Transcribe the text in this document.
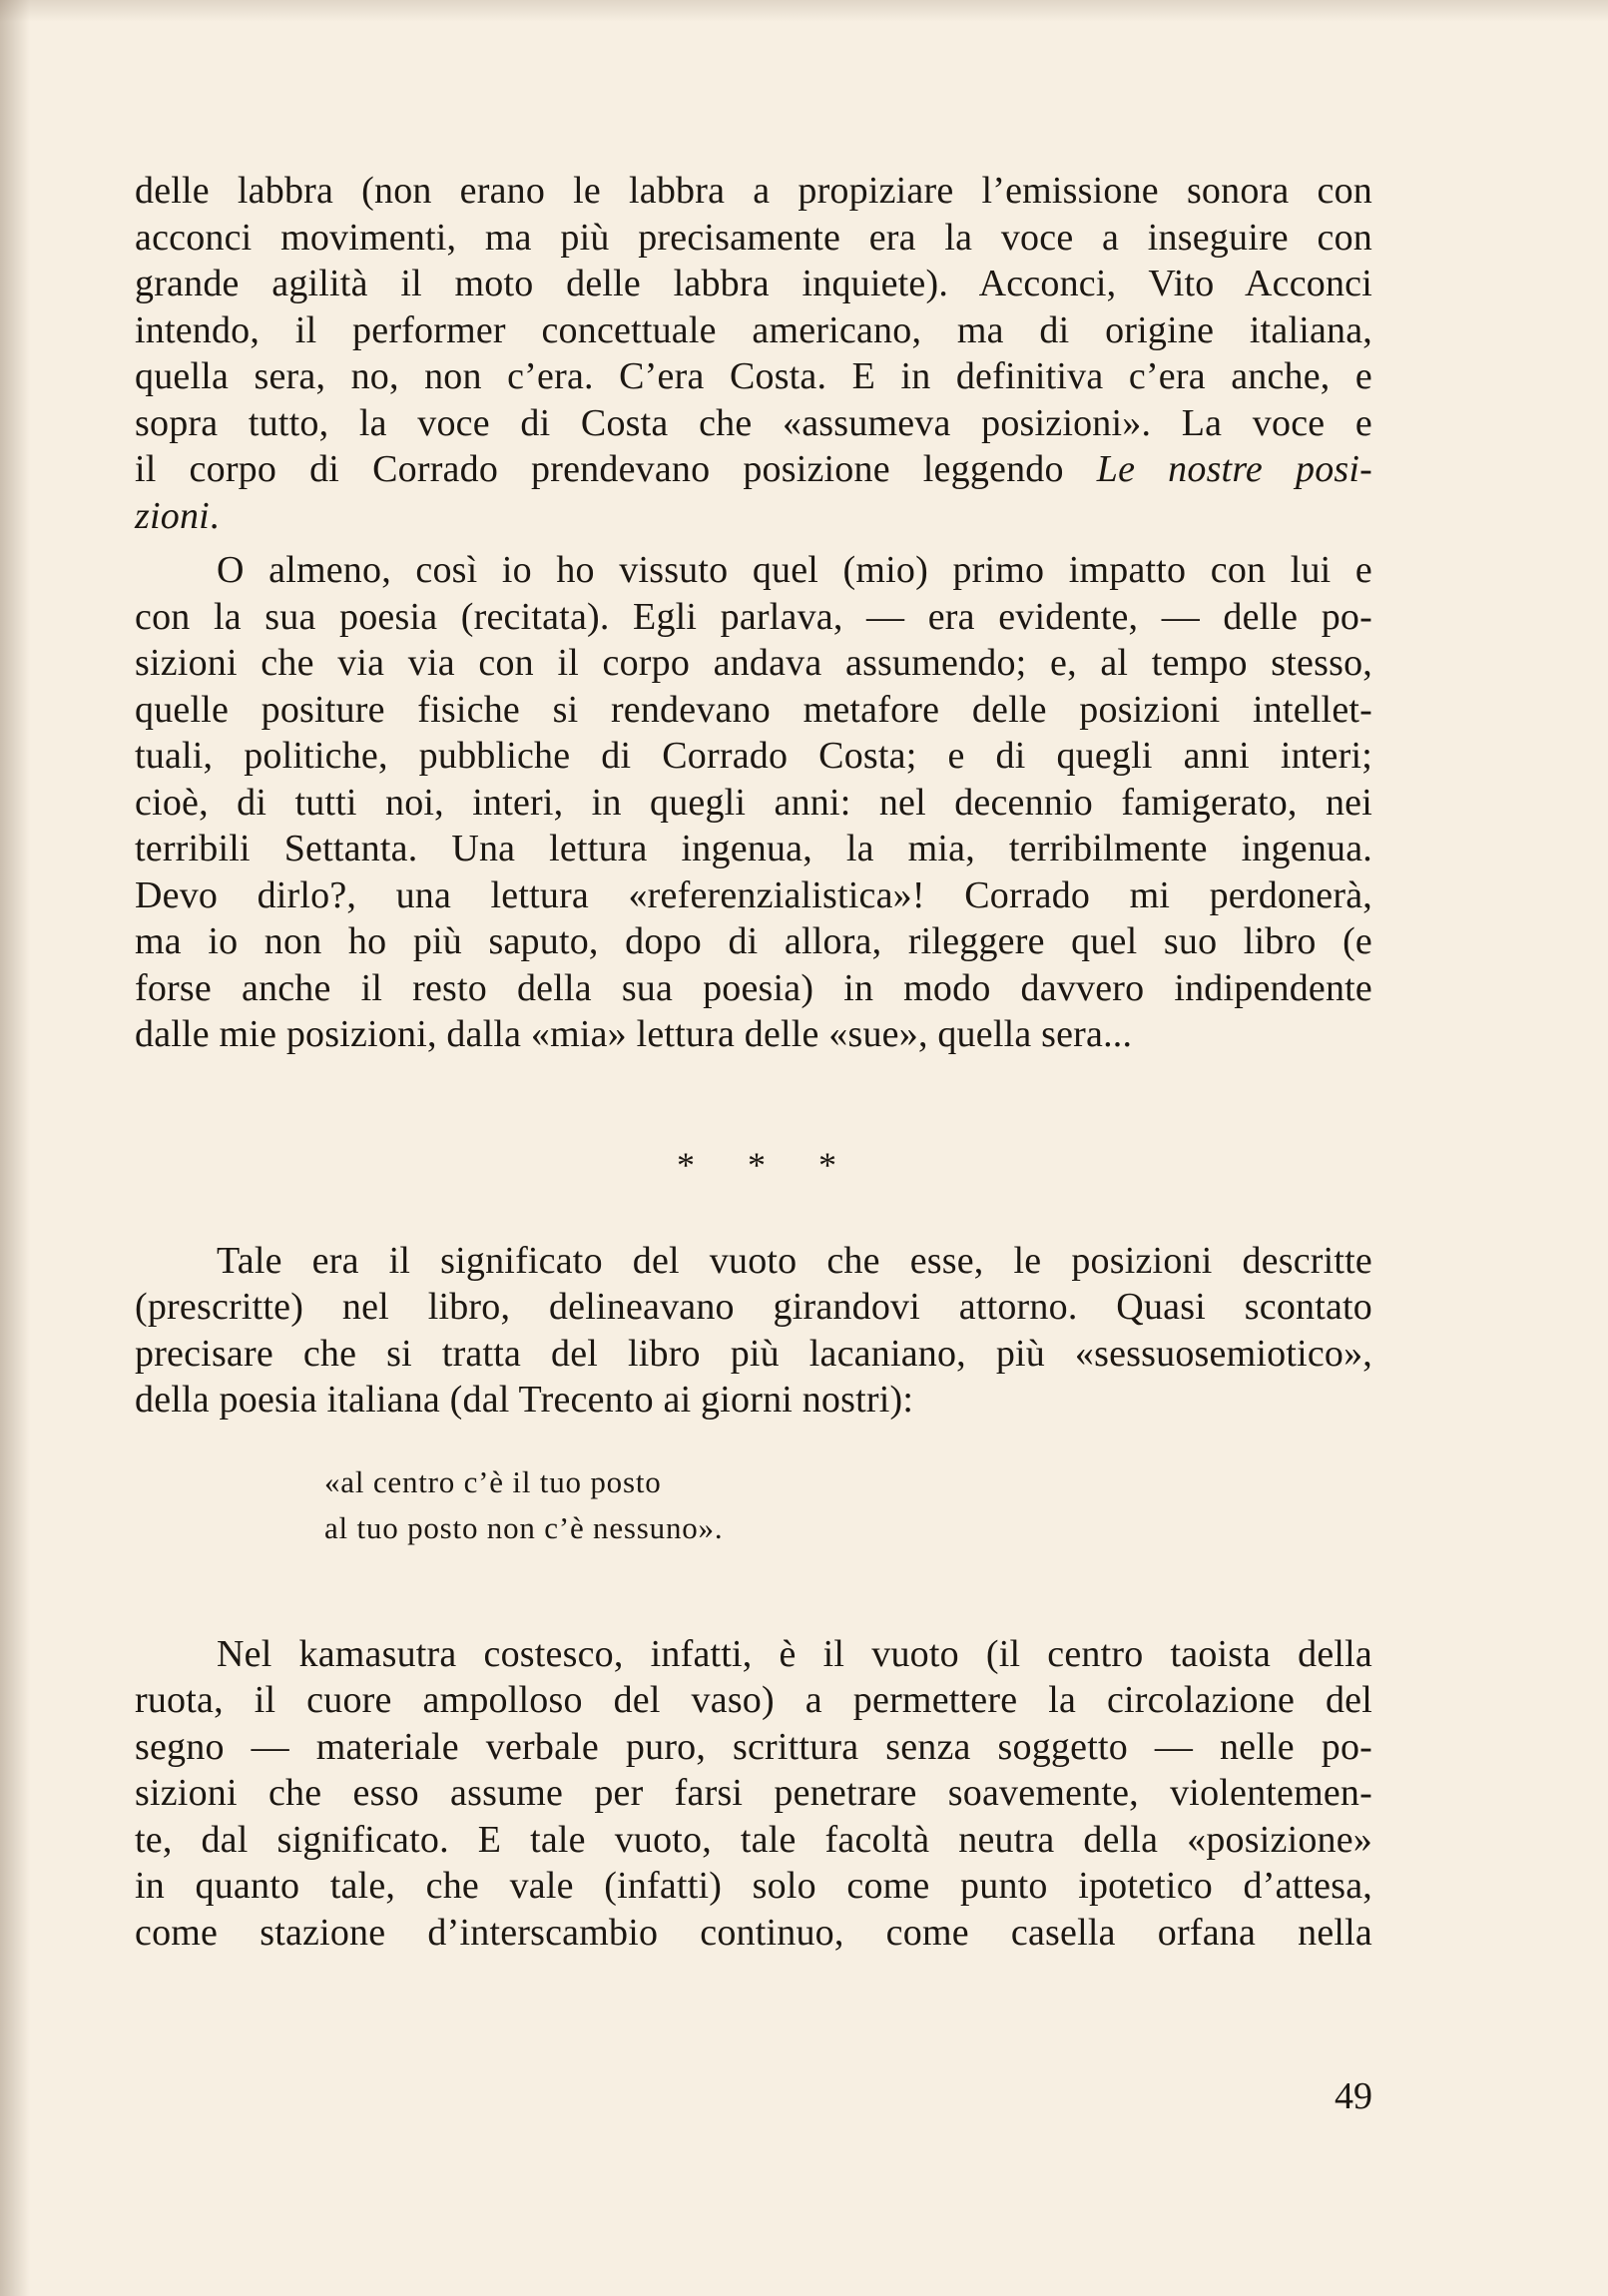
delle labbra (non erano le labbra a propiziare l’emissione sonora con

acconci movimenti, ma più precisamente era la voce a inseguire con

grande agilità il moto delle labbra inquiete). Acconci, Vito Acconci

intendo, il performer concettuale americano, ma di origine italiana,

quella sera, no, non c’era. C’era Costa. E in definitiva c’era anche, e

sopra tutto, la voce di Costa che «assumeva posizioni». La voce e

il corpo di Corrado prendevano posizione leggendo Le nostre posi-

zioni.

O almeno, così io ho vissuto quel (mio) primo impatto con lui e

con la sua poesia (recitata). Egli parlava, — era evidente, — delle po-

sizioni che via via con il corpo andava assumendo; e, al tempo stesso,

quelle positure fisiche si rendevano metafore delle posizioni intellet-

tuali, politiche, pubbliche di Corrado Costa; e di quegli anni interi;

cioè, di tutti noi, interi, in quegli anni: nel decennio famigerato, nei

terribili Settanta. Una lettura ingenua, la mia, terribilmente ingenua.

Devo dirlo?, una lettura «referenzialistica»! Corrado mi perdonerà,

ma io non ho più saputo, dopo di allora, rileggere quel suo libro (e

forse anche il resto della sua poesia) in modo davvero indipendente

dalle mie posizioni, dalla «mia» lettura delle «sue», quella sera...

* * *

Tale era il significato del vuoto che esse, le posizioni descritte

(prescritte) nel libro, delineavano girandovi attorno. Quasi scontato

precisare che si tratta del libro più lacaniano, più «sessuosemiotico»,

della poesia italiana (dal Trecento ai giorni nostri):

«al centro c’è il tuo posto

al tuo posto non c’è nessuno».

Nel kamasutra costesco, infatti, è il vuoto (il centro taoista della

ruota, il cuore ampolloso del vaso) a permettere la circolazione del

segno — materiale verbale puro, scrittura senza soggetto — nelle po-

sizioni che esso assume per farsi penetrare soavemente, violentemen-

te, dal significato. E tale vuoto, tale facoltà neutra della «posizione»

in quanto tale, che vale (infatti) solo come punto ipotetico d’attesa,

come stazione d’interscambio continuo, come casella orfana nella

49
